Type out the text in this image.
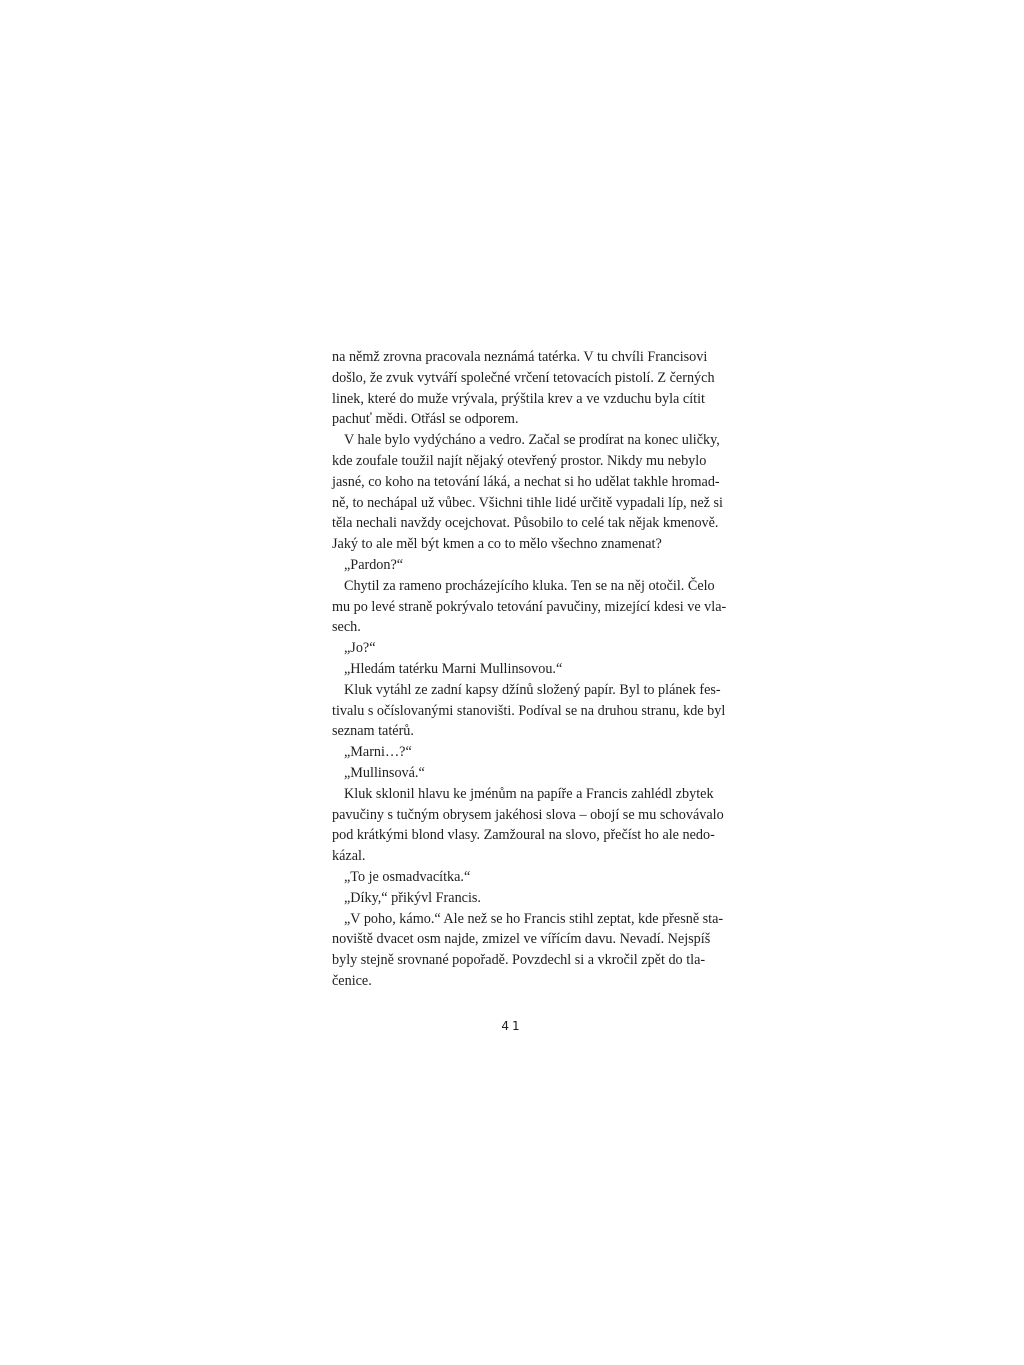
na němž zrovna pracovala neznámá tatérka. V tu chvíli Francisovi
došlo, že zvuk vytváří společné vrčení tetovacích pistolí. Z černých
linek, které do muže vrývala, prýštila krev a ve vzduchu byla cítit
pachuť mědi. Otřásl se odporem.
V hale bylo vydýcháno a vedro. Začal se prodírat na konec uličky,
kde zoufale toužil najít nějaký otevřený prostor. Nikdy mu nebylo
jasné, co koho na tetování láká, a nechat si ho udělat takhle hromad-
ně, to nechápal už vůbec. Všichni tihle lidé určitě vypadali líp, než si
těla nechali navždy ocejchovat. Působilo to celé tak nějak kmenově.
Jaký to ale měl být kmen a co to mělo všechno znamenat?
„Pardon?“
Chytil za rameno procházejícího kluka. Ten se na něj otočil. Čelo
mu po levé straně pokrývalo tetování pavučiny, mizející kdesi ve vla-
sech.
„Jo?“
„Hledám tatérku Marni Mullinsovou.“
Kluk vytáhl ze zadní kapsy džínů složený papír. Byl to plánek fes-
tivalu s očíslovanými stanovišti. Podíval se na druhou stranu, kde byl
seznam tatérů.
„Marni…?“
„Mullinsová.“
Kluk sklonil hlavu ke jménům na papíře a Francis zahlédl zbytek
pavučiny s tučným obrysem jakéhosi slova – obojí se mu schovávalo
pod krátkými blond vlasy. Zamžoural na slovo, přečíst ho ale nedo-
kázal.
„To je osmadvacítka.“
„Díky,“ přikývl Francis.
„V poho, kámo.“ Ale než se ho Francis stihl zeptat, kde přesně sta-
noviště dvacet osm najde, zmizel ve vířícím davu. Nevadí. Nejspíš
byly stejně srovnané popořadě. Povzdechl si a vkročil zpět do tla-
čenice.
41
